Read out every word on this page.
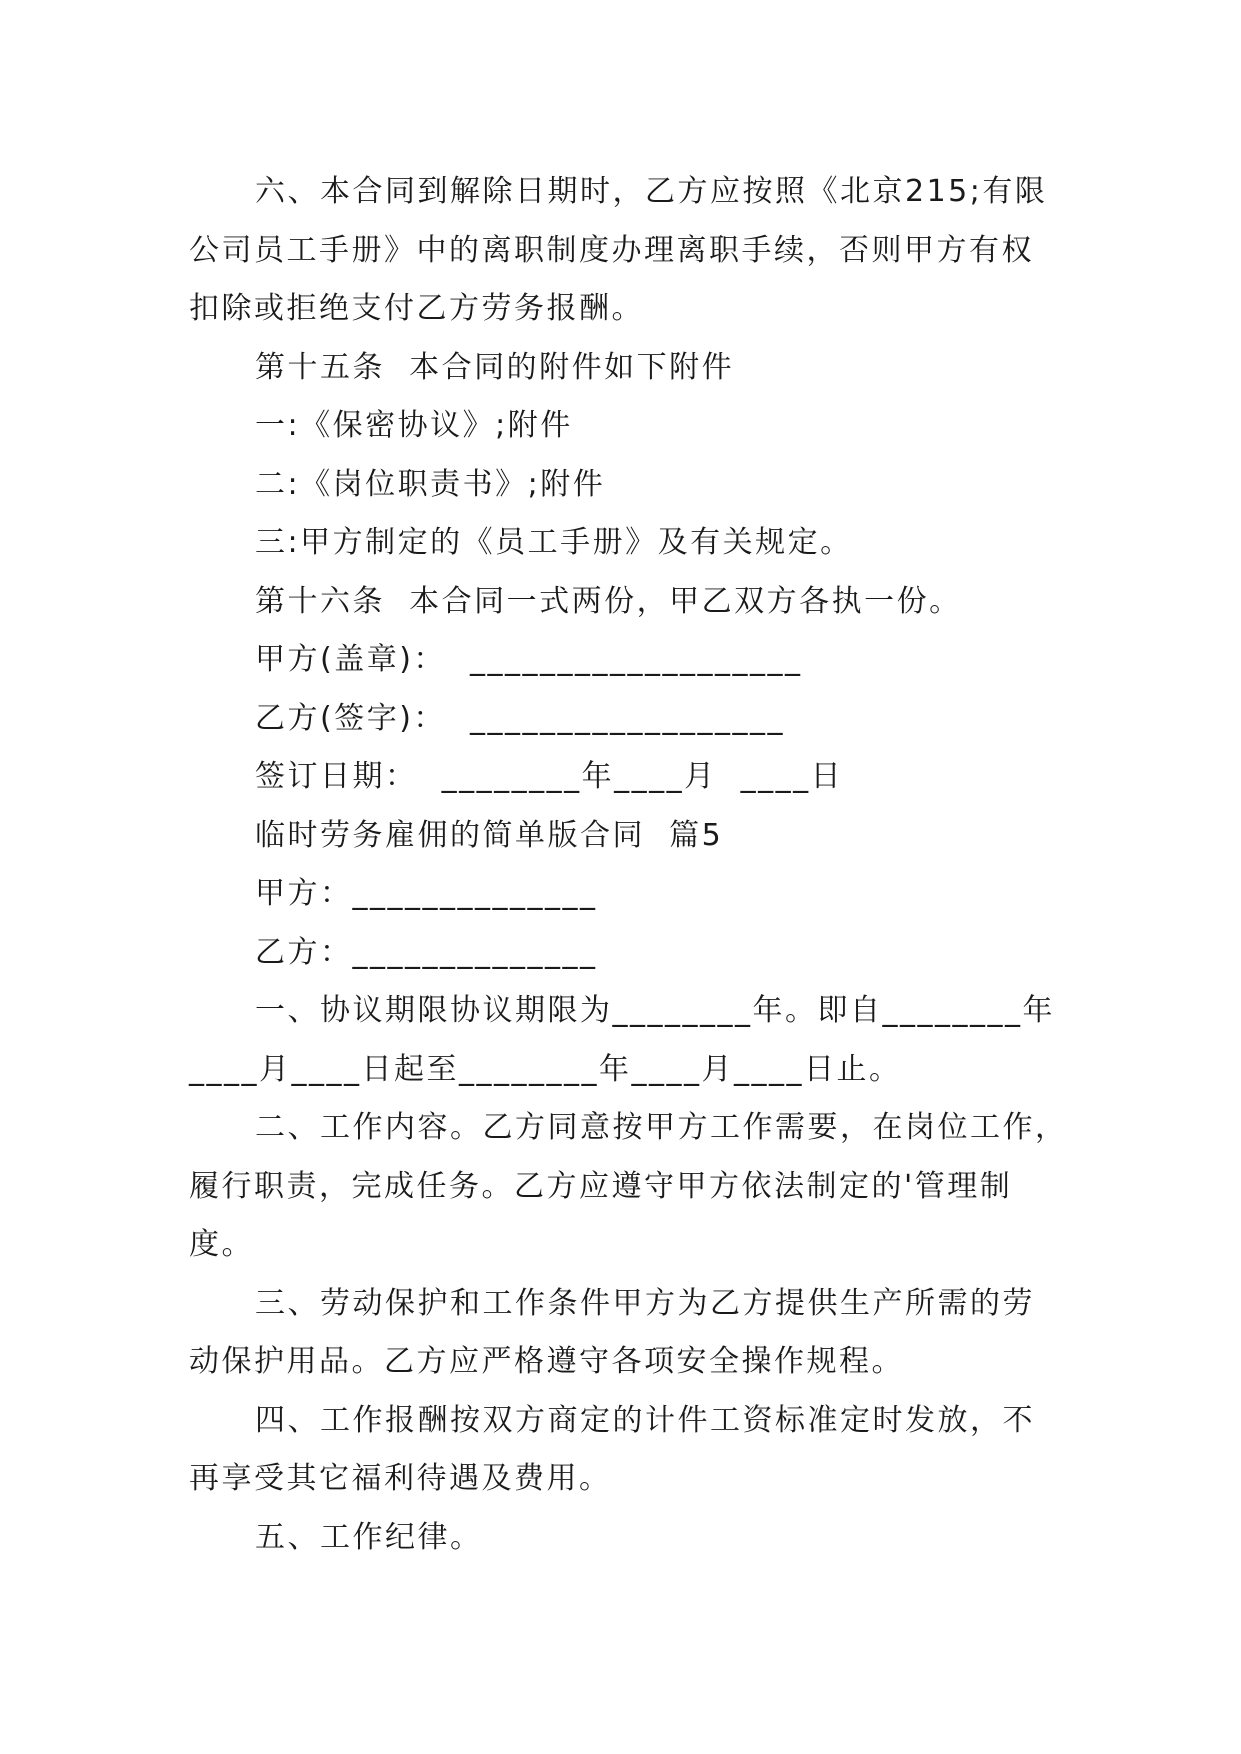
六、本合同到解除日期时，乙方应按照《北京215;有限
公司员工手册》中的离职制度办理离职手续，否则甲方有权
扣除或拒绝支付乙方劳务报酬。
第十五条  本合同的附件如下附件
一:《保密协议》;附件
二:《岗位职责书》;附件
三:甲方制定的《员工手册》及有关规定。
第十六条  本合同一式两份，甲乙双方各执一份。
甲方(盖章)：  ___________________
乙方(签字)：  __________________
签订日期：  ________年____月  ____日
临时劳务雇佣的简单版合同  篇5
甲方：______________
乙方：______________
一、协议期限协议期限为________年。即自________年
____月____日起至________年____月____日止。
二、工作内容。乙方同意按甲方工作需要，在岗位工作，
履行职责，完成任务。乙方应遵守甲方依法制定的'管理制
度。
三、劳动保护和工作条件甲方为乙方提供生产所需的劳
动保护用品。乙方应严格遵守各项安全操作规程。
四、工作报酬按双方商定的计件工资标准定时发放，不
再享受其它福利待遇及费用。
五、工作纪律。
